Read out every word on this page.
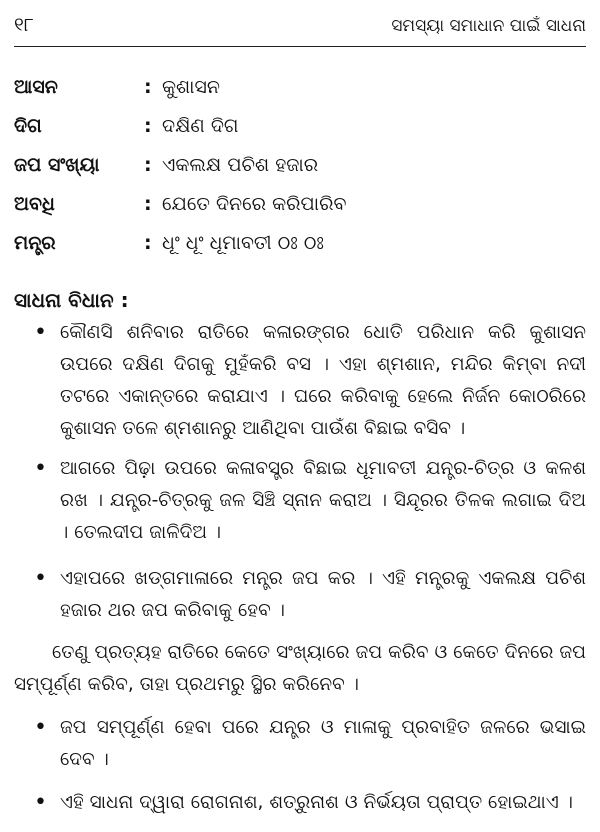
୧୮	ସମସ୍ୟା ସମାଧାନ ପାଇଁ ସାଧନା
ଆସନ	: କୁଶାସନ
ଦିଗ	: ଦକ୍ଷିଣ ଦିଗ
ଜପ ସଂଖ୍ୟା : ଏକଲକ୍ଷ ପଚିଶ ହଜାର
ଅବଧି	: ଯେତେ ଦିନରେ କରିପାରିବ
ମନ୍ତ୍ର	: ଧୂଂ ଧୂଂ ଧୂମାବତୀ ଠଃ ଠଃ
ସାଧନା ବିଧାନ :
• କୌଣସି ଶନିବାର ରାତିରେ କଳାରଙ୍ଗର ଧୋତି ପରିଧାନ କରି କୁଶାସନ ଉପରେ ଦକ୍ଷିଣ ଦିଗକୁ ମୁହଁକରି ବସ । ଏହା ଶ୍ମଶାନ, ମନ୍ଦିର କିମ୍ବା ନଦୀ ତଟରେ ଏକାନ୍ତରେ କରାଯାଏ । ଘରେ କରିବାକୁ ହେଲେ ନିର୍ଜନ କୋଠରିରେ କୁଶାସନ ତଳେ ଶ୍ମଶାନରୁ ଆଣିଥିବା ପାଉଁଶ ବିଛାଇ ବସିବ ।
• ଆଗରେ ପିଢ଼ା ଉପରେ କଳାବସ୍ତ୍ର ବିଛାଇ ଧୂମାବତୀ ଯନ୍ତ୍ର-ଚିତ୍ର ଓ କଳଶ ରଖ । ଯନ୍ତ୍ର-ଚିତ୍ରକୁ ଜଳ ସିଞ୍ଚି ସ୍ନାନ କରାଅ । ସିନ୍ଦୂରର ତିଳକ ଲଗାଇ ଦିଅ । ତେଲଦୀପ ଜାଳିଦିଅ ।
• ଏହାପରେ ଖଡ୍ଗମାଳାରେ ମନ୍ତ୍ର ଜପ କର । ଏହି ମନ୍ତ୍ରକୁ ଏକଲକ୍ଷ ପଚିଶ ହଜାର ଥର ଜପ କରିବାକୁ ହେବ ।
ତେଣୁ ପ୍ରତ୍ୟହ ରାତିରେ କେତେ ସଂଖ୍ୟାରେ ଜପ କରିବ ଓ କେତେ ଦିନରେ ଜପ ସମ୍ପୂର୍ଣ୍ଣ କରିବ, ତାହା ପ୍ରଥମରୁ ସ୍ଥିର କରିନେବ ।
• ଜପ ସମ୍ପୂର୍ଣ୍ଣ ହେବା ପରେ ଯନ୍ତ୍ର ଓ ମାଳାକୁ ପ୍ରବାହିତ ଜଳରେ ଭସାଇ ଦେବ ।
• ଏହି ସାଧନା ଦ୍ୱାରା ରୋଗନାଶ, ଶତ୍ରୁନାଶ ଓ ନିର୍ଭୟତା ପ୍ରାପ୍ତ ହୋଇଥାଏ ।
